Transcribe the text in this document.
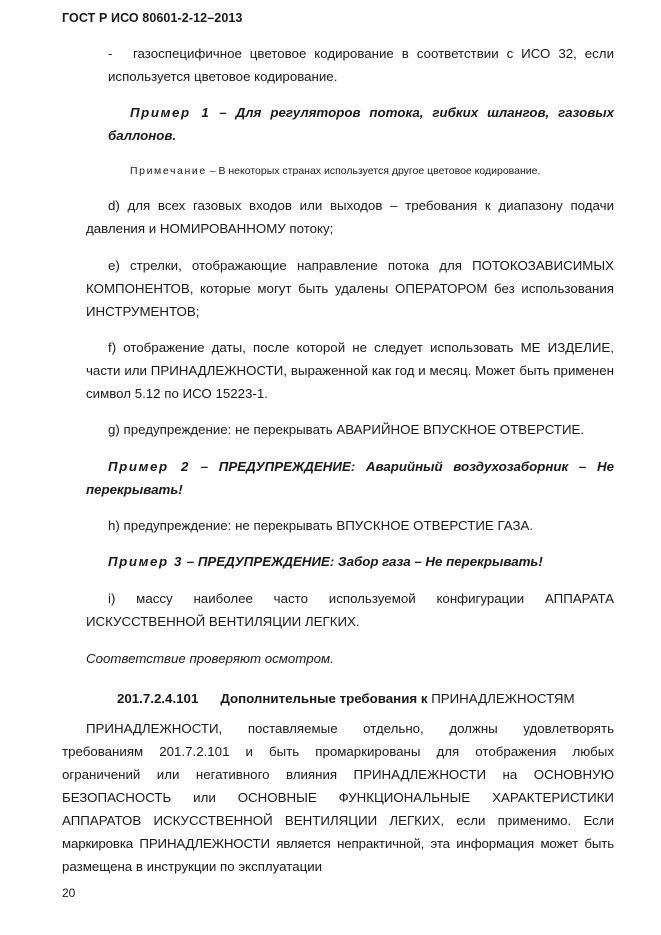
ГОСТ Р ИСО 80601-2-12–2013
- газоспецифичное цветовое кодирование в соответствии с ИСО 32, если
используется цветовое кодирование.
Пример 1 – Для регуляторов потока, гибких шлангов, газовых
баллонов.
Примечание – В некоторых странах используется другое цветовое кодирование.
d) для всех газовых входов или выходов – требования к диапазону подачи
давления и НОМИРОВАННОМУ потоку;
e) стрелки, отображающие направление потока для ПОТОКОЗАВИСИМЫХ
КОМПОНЕНТОВ, которые могут быть удалены ОПЕРАТОРОМ без использования
ИНСТРУМЕНТОВ;
f) отображение даты, после которой не следует использовать МЕ ИЗДЕЛИЕ,
части или ПРИНАДЛЕЖНОСТИ, выраженной как год и месяц. Может быть применен
символ 5.12 по ИСО 15223-1.
g) предупреждение: не перекрывать АВАРИЙНОЕ ВПУСКНОЕ ОТВЕРСТИЕ.
Пример 2 – ПРЕДУПРЕЖДЕНИЕ: Аварийный воздухозаборник – Не
перекрывать!
h) предупреждение: не перекрывать ВПУСКНОЕ ОТВЕРСТИЕ ГАЗА.
Пример 3 – ПРЕДУПРЕЖДЕНИЕ: Забор газа – Не перекрывать!
i) массу наиболее часто используемой конфигурации АППАРАТА
ИСКУССТВЕННОЙ ВЕНТИЛЯЦИИ ЛЕГКИХ.
Соответствие проверяют осмотром.
201.7.2.4.101 Дополнительные требования к ПРИНАДЛЕЖНОСТЯМ
ПРИНАДЛЕЖНОСТИ, поставляемые отдельно, должны удовлетворять
требованиям 201.7.2.101 и быть промаркированы для отображения любых
ограничений или негативного влияния ПРИНАДЛЕЖНОСТИ на ОСНОВНУЮ
БЕЗОПАСНОСТЬ или ОСНОВНЫЕ ФУНКЦИОНАЛЬНЫЕ ХАРАКТЕРИСТИКИ
АППАРАТОВ ИСКУССТВЕННОЙ ВЕНТИЛЯЦИИ ЛЕГКИХ, если применимо. Если
маркировка ПРИНАДЛЕЖНОСТИ является непрактичной, эта информация может быть
размещена в инструкции по эксплуатации
20
